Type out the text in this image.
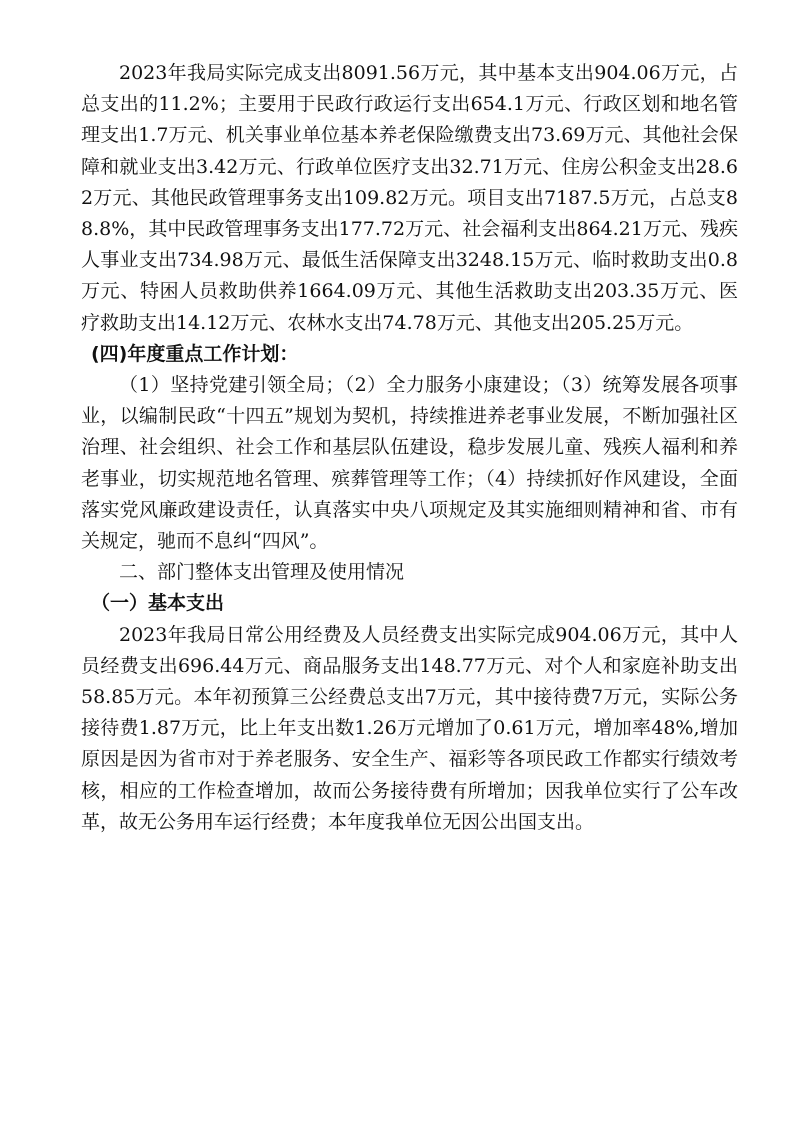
2023年我局实际完成支出8091.56万元，其中基本支出904.06万元，占总支出的11.2%；主要用于民政行政运行支出654.1万元、行政区划和地名管理支出1.7万元、机关事业单位基本养老保险缴费支出73.69万元、其他社会保障和就业支出3.42万元、行政单位医疗支出32.71万元、住房公积金支出28.62万元、其他民政管理事务支出109.82万元。项目支出7187.5万元，占总支88.8%，其中民政管理事务支出177.72万元、社会福利支出864.21万元、残疾人事业支出734.98万元、最低生活保障支出3248.15万元、临时救助支出0.8万元、特困人员救助供养1664.09万元、其他生活救助支出203.35万元、医疗救助支出14.12万元、农林水支出74.78万元、其他支出205.25万元。

(四)年度重点工作计划：

（1）坚持党建引领全局；（2）全力服务小康建设；（3）统筹发展各项事业，以编制民政“十四五”规划为契机，持续推进养老事业发展，不断加强社区治理、社会组织、社会工作和基层队伍建设，稳步发展儿童、残疾人福利和养老事业，切实规范地名管理、殡葬管理等工作；（4）持续抓好作风建设，全面落实党风廉政建设责任，认真落实中央八项规定及其实施细则精神和省、市有关规定，驰而不息纠“四风”。

二、部门整体支出管理及使用情况

（一）基本支出

2023年我局日常公用经费及人员经费支出实际完成904.06万元，其中人员经费支出696.44万元、商品服务支出148.77万元、对个人和家庭补助支出58.85万元。本年初预算三公经费总支出7万元，其中接待费7万元，实际公务接待费1.87万元，比上年支出数1.26万元增加了0.61万元，增加率48%,增加原因是因为省市对于养老服务、安全生产、福彩等各项民政工作都实行绩效考核，相应的工作检查增加，故而公务接待费有所增加；因我单位实行了公车改革，故无公务用车运行经费；本年度我单位无因公出国支出。
